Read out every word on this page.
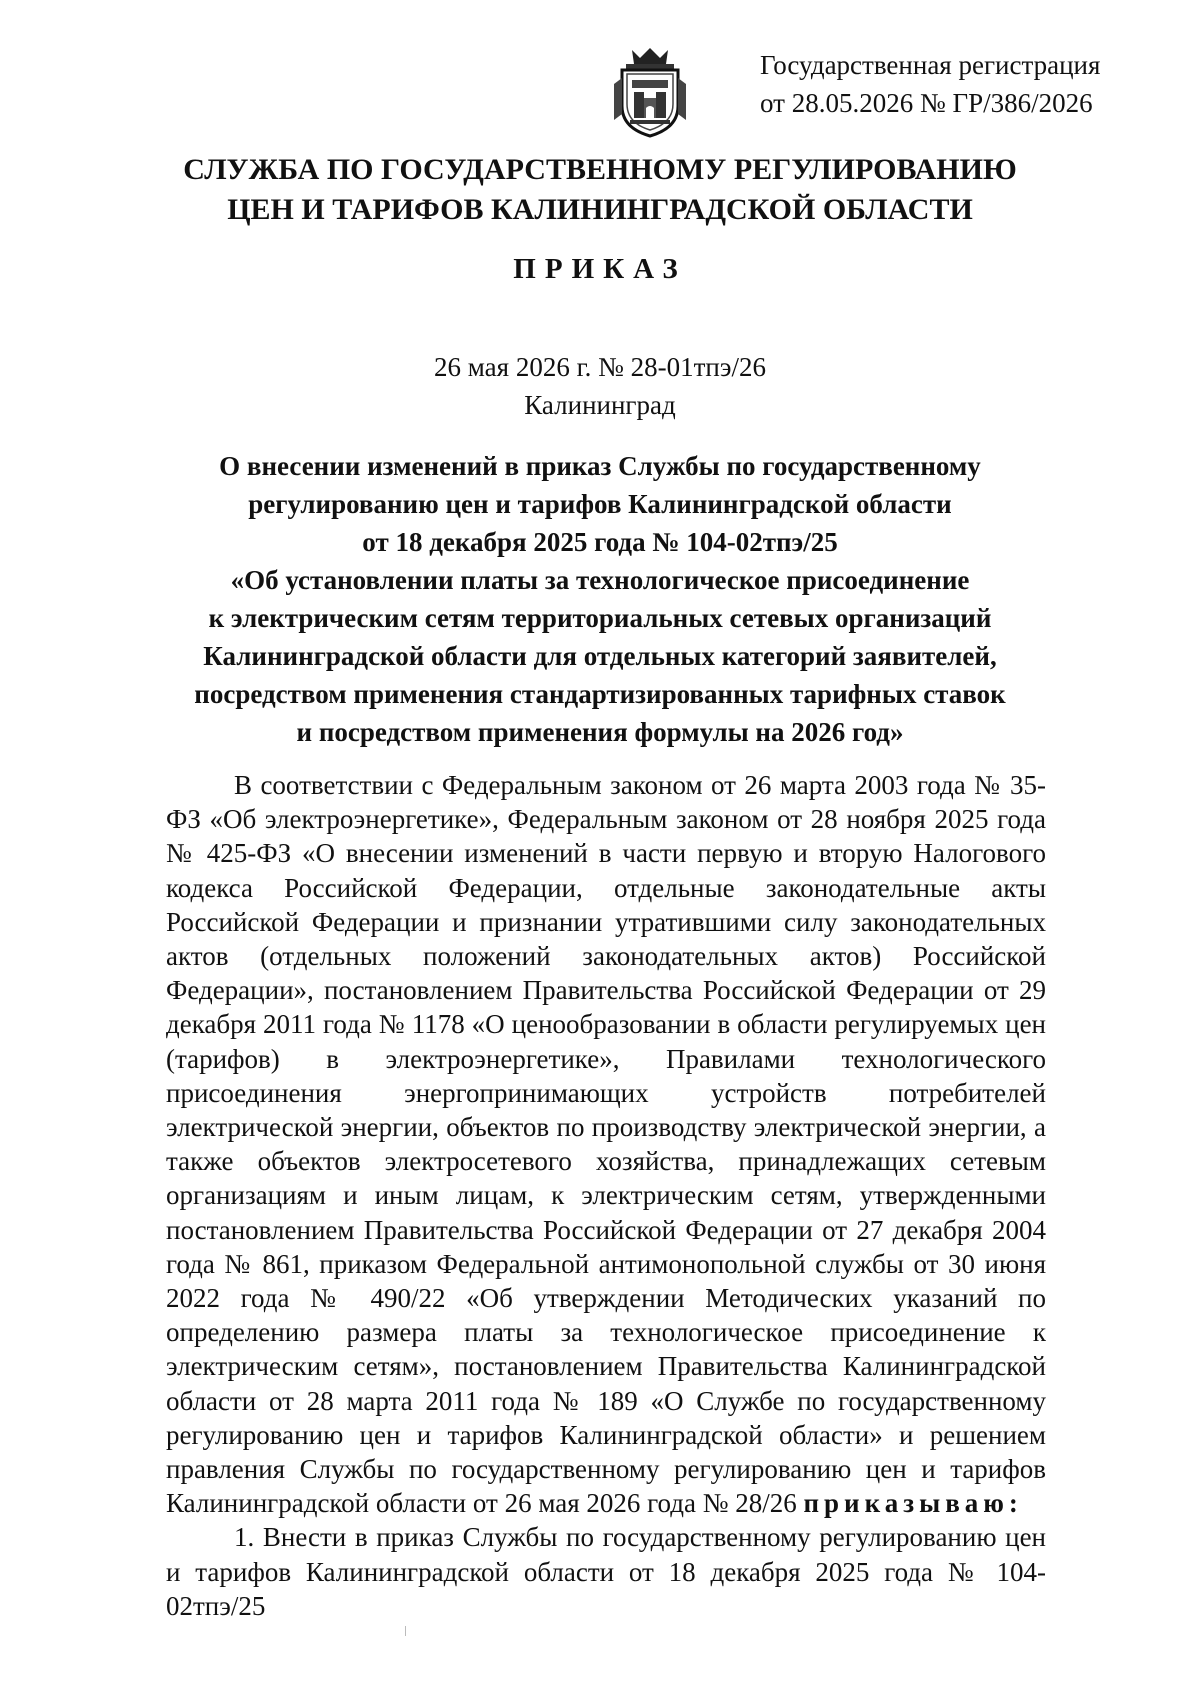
Государственная регистрация
от 28.05.2026 № ГР/386/2026
СЛУЖБА ПО ГОСУДАРСТВЕННОМУ РЕГУЛИРОВАНИЮ
ЦЕН И ТАРИФОВ КАЛИНИНГРАДСКОЙ ОБЛАСТИ
ПРИКАЗ
26 мая 2026 г. № 28-01тпэ/26
Калининград
О внесении изменений в приказ Службы по государственному
регулированию цен и тарифов Калининградской области
от 18 декабря 2025 года № 104-02тпэ/25
«Об установлении платы за технологическое присоединение
к электрическим сетям территориальных сетевых организаций
Калининградской области для отдельных категорий заявителей,
посредством применения стандартизированных тарифных ставок
и посредством применения формулы на 2026 год»

В соответствии с Федеральным законом от 26 марта 2003 года № 35-ФЗ «Об электроэнергетике», Федеральным законом от 28 ноября 2025 года № 425-ФЗ «О внесении изменений в части первую и вторую Налогового кодекса Российской Федерации, отдельные законодательные акты Российской Федерации и признании утратившими силу законодательных актов (отдельных положений законодательных актов) Российской Федерации», постановлением Правительства Российской Федерации от 29 декабря 2011 года № 1178 «О ценообразовании в области регулируемых цен (тарифов) в электроэнергетике», Правилами технологического присоединения энергопринимающих устройств потребителей электрической энергии, объектов по производству электрической энергии, а также объектов электросетевого хозяйства, принадлежащих сетевым организациям и иным лицам, к электрическим сетям, утвержденными постановлением Правительства Российской Федерации от 27 декабря 2004 года № 861, приказом Федеральной антимонопольной службы от 30 июня 2022 года № 490/22 «Об утверждении Методических указаний по определению размера платы за технологическое присоединение к электрическим сетям», постановлением Правительства Калининградской области от 28 марта 2011 года № 189 «О Службе по государственному регулированию цен и тарифов Калининградской области» и решением правления Службы по государственному регулированию цен и тарифов Калининградской области от 26 мая 2026 года № 28/26 приказываю:

1. Внести в приказ Службы по государственному регулированию цен и тарифов Калининградской области от 18 декабря 2025 года № 104-02тпэ/25
